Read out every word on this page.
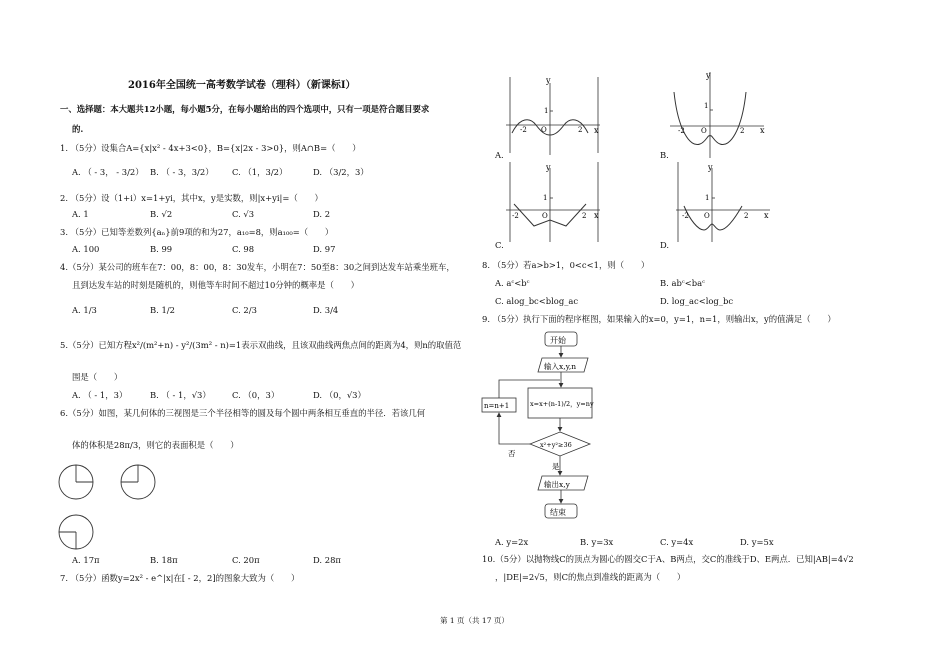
2016年全国统一高考数学试卷（理科）（新课标Ⅰ）
一、选择题：本大题共12小题，每小题5分，在每小题给出的四个选项中，只有一项是符合题目要求
的.
1. （5分）设集合A={x|x² - 4x+3<0}，B={x|2x - 3>0}，则A∩B=（　　）
A. （ - 3， - 3/2） B. （ - 3，3/2） C. （1，3/2）	D. （3/2，3）
2. （5分）设（1+i）x=1+yi，其中x，y是实数，则|x+yi|=（　　）
A. 1	B. √2	C. √3	D. 2
3. （5分）已知等差数列{aₙ}前9项的和为27，a₁₀=8，则a₁₀₀=（　　）
A. 100	B. 99	C. 98	D. 97
4.（5分）某公司的班车在7：00，8：00，8：30发车，小明在7：50至8：30之间到达发车站乘坐班车，
且到达发车站的时刻是随机的，则他等车时间不超过10分钟的概率是（　　）
A. 1/3	B. 1/2	C. 2/3	D. 3/4
5.（5分）已知方程x²/(m²+n) - y²/(3m² - n)=1表示双曲线，且该双曲线两焦点间的距离为4，则n的取值范
围是（　　）
A. （ - 1，3）	B. （ - 1，√3）	C. （0，3）	D. （0，√3）
6.（5分）如图，某几何体的三视图是三个半径相等的圆及每个圆中两条相互垂直的半径．若该几何
体的体积是28π/3，则它的表面积是（　　）
A. 17π	B. 18π	C. 20π	D. 28π
7. （5分）函数y=2x² - e^|x|在[ - 2，2]的图象大致为（　　）
y
x
1
-2	2
O
A.
y
x
1
-2	2
O
B.
y
x
1
-2	2
O
C.
y
x
1
-2	2
O
D.
8. （5分）若a>b>1，0<c<1，则（　　）
A. aᶜ<bᶜ	B. abᶜ<baᶜ
C. alog_bc<blog_ac	D. log_ac<log_bc
9. （5分）执行下面的程序框图，如果输入的x=0，y=1，n=1，则输出x，y的值满足（　　）
开始
输入x,y,n
x=x+(n-1)/2，y=ny
n=n+1
x²+y²≥36
否
是
输出x,y
结束
A. y=2x	B. y=3x	C. y=4x	D. y=5x
10.（5分）以抛物线C的顶点为圆心的圆交C于A、B两点，交C的准线于D、E两点．已知|AB|=4√2
，|DE|=2√5，则C的焦点到准线的距离为（　　）
第 1 页（共 17 页）
